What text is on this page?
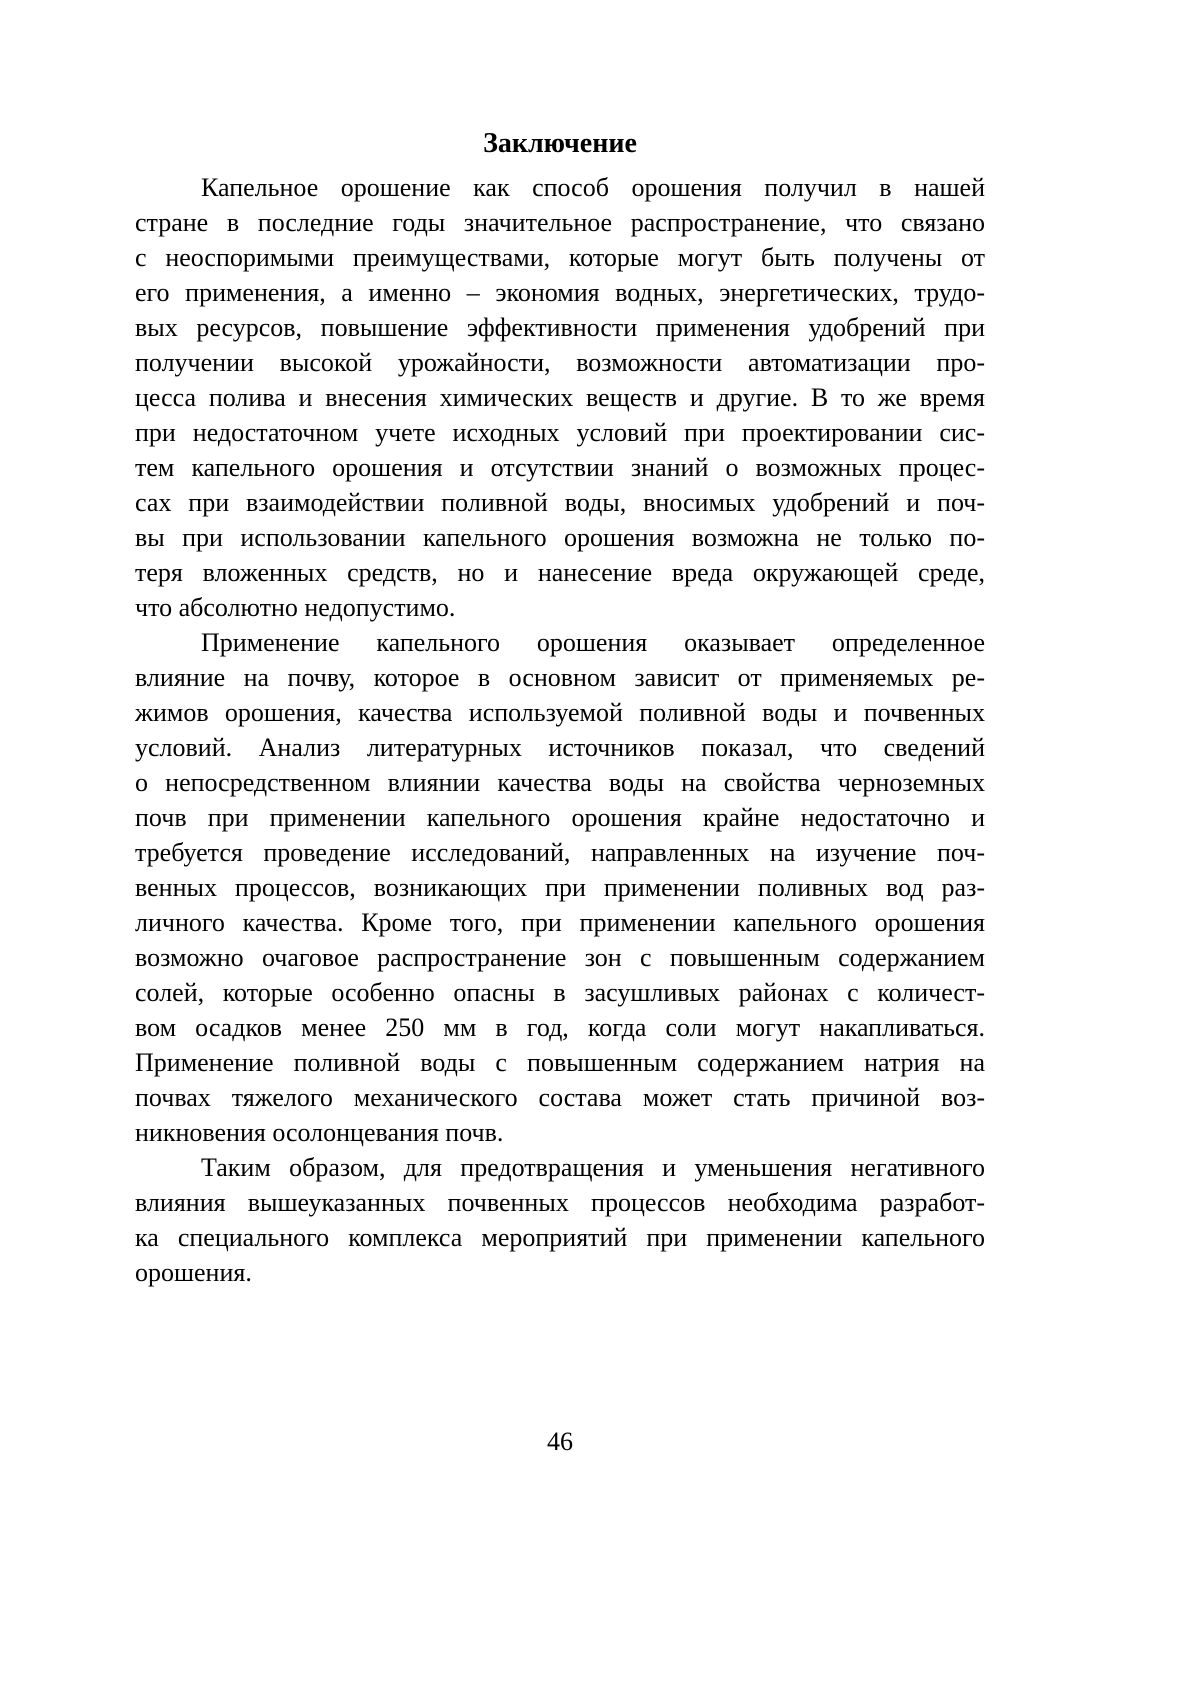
Заключение
Капельное орошение как способ орошения получил в нашей
стране в последние годы значительное распространение, что связано
с неоспоримыми преимуществами, которые могут быть получены от
его применения, а именно – экономия водных, энергетических, трудо-
вых ресурсов, повышение эффективности применения удобрений при
получении высокой урожайности, возможности автоматизации про-
цесса полива и внесения химических веществ и другие. В то же время
при недостаточном учете исходных условий при проектировании сис-
тем капельного орошения и отсутствии знаний о возможных процес-
сах при взаимодействии поливной воды, вносимых удобрений и поч-
вы при использовании капельного орошения возможна не только по-
теря вложенных средств, но и нанесение вреда окружающей среде,
что абсолютно недопустимо.
Применение капельного орошения оказывает определенное
влияние на почву, которое в основном зависит от применяемых ре-
жимов орошения, качества используемой поливной воды и почвенных
условий. Анализ литературных источников показал, что сведений
о непосредственном влиянии качества воды на свойства черноземных
почв при применении капельного орошения крайне недостаточно и
требуется проведение исследований, направленных на изучение поч-
венных процессов, возникающих при применении поливных вод раз-
личного качества. Кроме того, при применении капельного орошения
возможно очаговое распространение зон с повышенным содержанием
солей, которые особенно опасны в засушливых районах с количест-
вом осадков менее 250 мм в год, когда соли могут накапливаться.
Применение поливной воды с повышенным содержанием натрия на
почвах тяжелого механического состава может стать причиной воз-
никновения осолонцевания почв.
Таким образом, для предотвращения и уменьшения негативного
влияния вышеуказанных почвенных процессов необходима разработ-
ка специального комплекса мероприятий при применении капельного
орошения.
46
